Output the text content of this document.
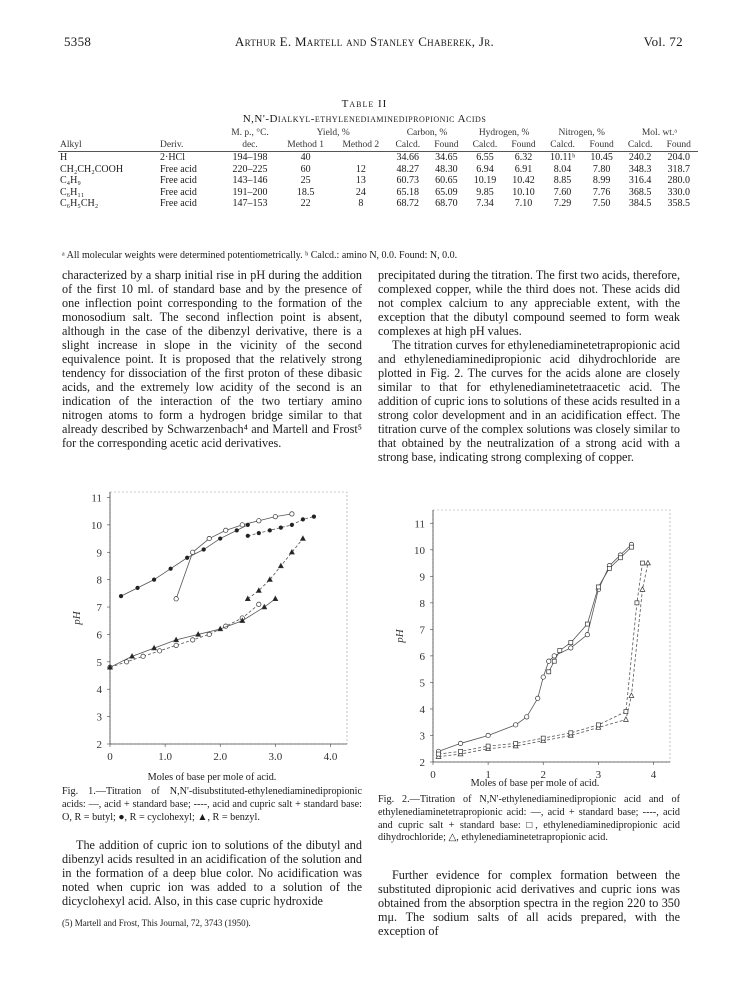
5358	Arthur E. Martell and Stanley Chaberek, Jr.	Vol. 72
Table II
N,N'-Dialkyl-ethylenediaminedipropionic Acids
Alkyl	Deriv.	M. p., °C. dec.	Yield, %		Carbon, %		Hydrogen, %		Nitrogen, %		Mol. wt.ᵃ	
			Method 1	Method 2	Calcd.	Found	Calcd.	Found	Calcd.	Found	Calcd.	Found
H	2·HCl	194–198	40		34.66	34.65	6.55	6.32	10.11ᵇ	10.45	240.2	204.0
CH₂CH₂COOH	Free acid	220–225	60	12	48.27	48.30	6.94	6.91	8.04	7.80	348.3	318.7
C₄H₉	Free acid	143–146	25	13	60.73	60.65	10.19	10.42	8.85	8.99	316.4	280.0
C₆H₁₁	Free acid	191–200	18.5	24	65.18	65.09	9.85	10.10	7.60	7.76	368.5	330.0
C₆H₅CH₂	Free acid	147–153	22	8	68.72	68.70	7.34	7.10	7.29	7.50	384.5	358.5
ᵃ All molecular weights were determined potentiometrically. ᵇ Calcd.: amino N, 0.0. Found: N, 0.0.

characterized by a sharp initial rise in pH during the addition of the first 10 ml. of standard base and by the presence of one inflection point corresponding to the formation of the monosodium salt. The second inflection point is absent, although in the case of the dibenzyl derivative, there is a slight increase in slope in the vicinity of the second equivalence point. It is proposed that the relatively strong tendency for dissociation of the first proton of these dibasic acids, and the extremely low acidity of the second is an indication of the interaction of the two tertiary amino nitrogen atoms to form a hydrogen bridge similar to that already described by Schwarzenbach⁴ and Martell and Frost⁵ for the corresponding acetic acid derivatives.

precipitated during the titration. The first two acids, therefore, complexed copper, while the third does not. These acids did not complex calcium to any appreciable extent, with the exception that the dibutyl compound seemed to form weak complexes at high pH values.

The titration curves for ethylenediaminetetrapropionic acid and ethylenediaminedipropionic acid dihydrochloride are plotted in Fig. 2. The curves for the acids alone are closely similar to that for ethylenediaminetetraacetic acid. The addition of cupric ions to solutions of these acids resulted in a strong color development and in an acidification effect. The titration curve of the complex solutions was closely similar to that obtained by the neutralization of a strong acid with a strong base, indicating strong complexing of copper.

2
3
4
5
6
7
8
9
10
11
0	1.0	2.0	3.0	4.0
pH
Moles of base per mole of acid.
Fig. 1.—Titration of N,N'-disubstituted-ethylenediaminedipropionic acids: —, acid + standard base; ----, acid and cupric salt + standard base: O, R = butyl; ●, R = cyclohexyl; ▲, R = benzyl.

The addition of cupric ion to solutions of the dibutyl and dibenzyl acids resulted in an acidification of the solution and in the formation of a deep blue color. No acidification was noted when cupric ion was added to a solution of the dicyclohexyl acid. Also, in this case cupric hydroxide

(5) Martell and Frost, This Journal, 72, 3743 (1950).
2
3
4
5
6
7
8
9
10
11
0	1	2	3	4
pH
Moles of base per mole of acid.
Fig. 2.—Titration of N,N'-ethylenediaminedipropionic acid and of ethylenediaminetetrapropionic acid: —, acid + standard base; ----, acid and cupric salt + standard base: □, ethylenediaminedipropionic acid dihydrochloride; △, ethylenediaminetetrapropionic acid.

Further evidence for complex formation between the substituted dipropionic acid derivatives and cupric ions was obtained from the absorption spectra in the region 220 to 350 mμ. The sodium salts of all acids prepared, with the exception of
